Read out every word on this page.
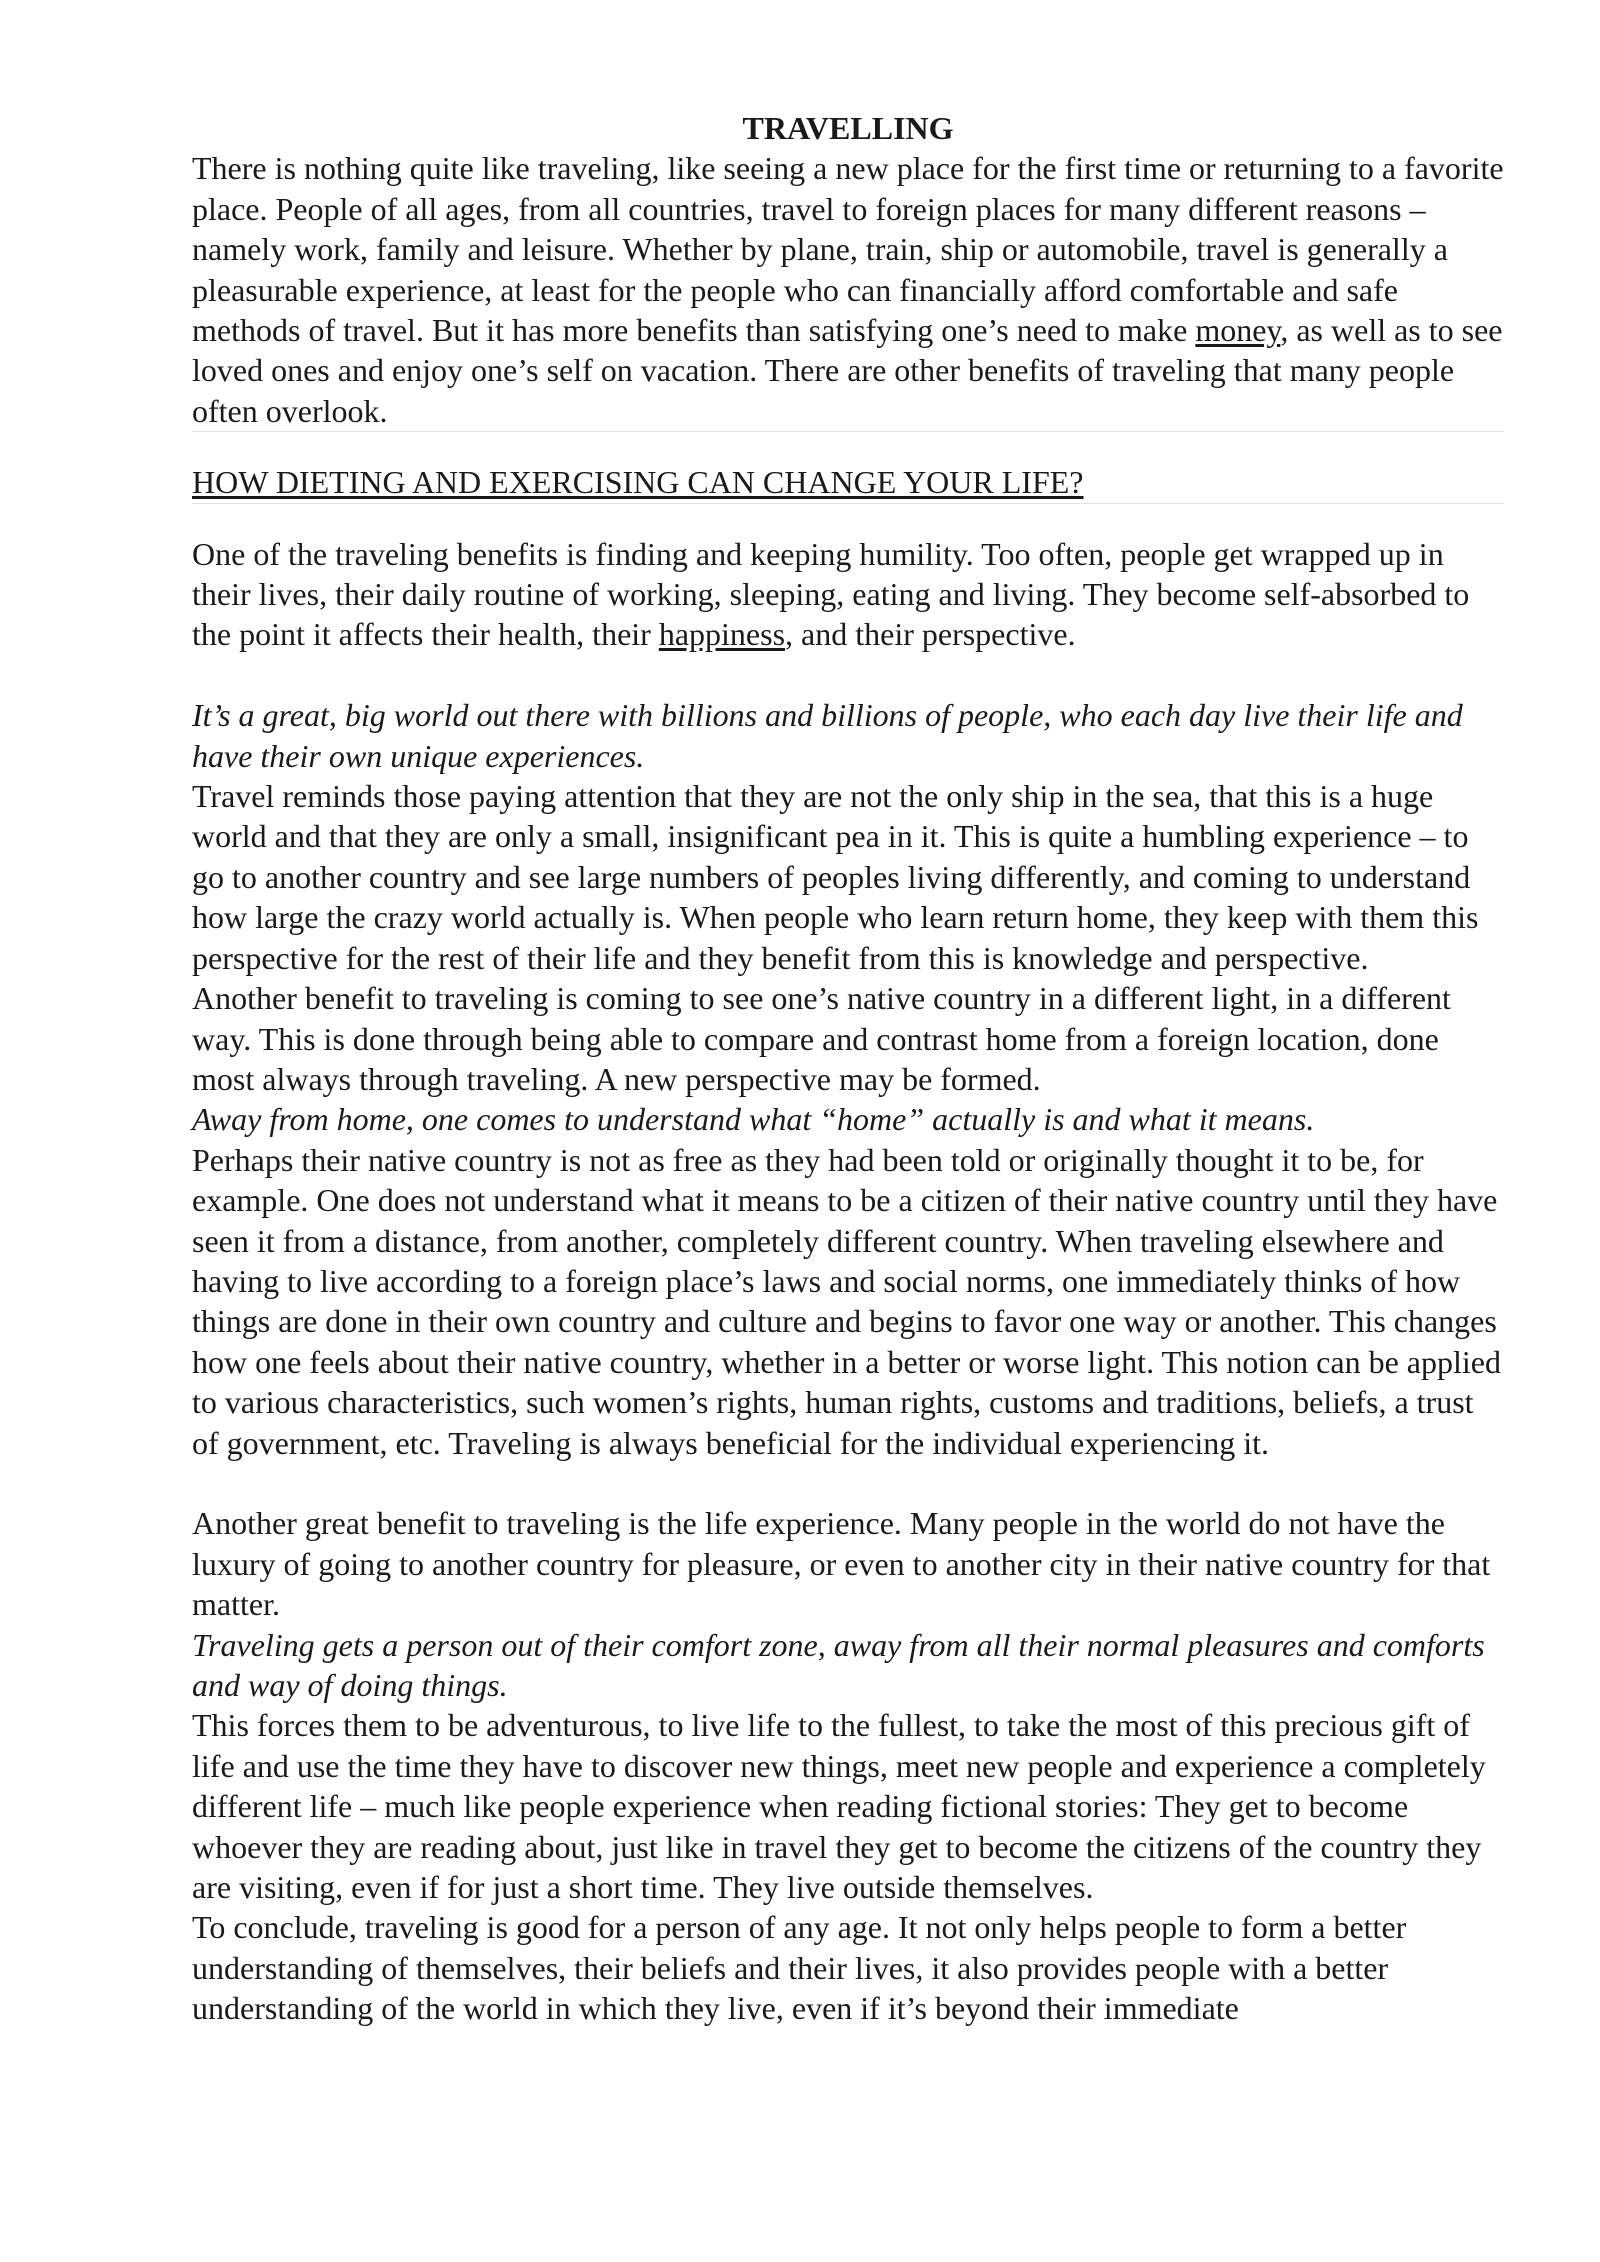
TRAVELLING

There is nothing quite like traveling, like seeing a new place for the first time or returning to a favorite place. People of all ages, from all countries, travel to foreign places for many different reasons – namely work, family and leisure. Whether by plane, train, ship or automobile, travel is generally a pleasurable experience, at least for the people who can financially afford comfortable and safe methods of travel. But it has more benefits than satisfying one’s need to make money, as well as to see loved ones and enjoy one’s self on vacation. There are other benefits of traveling that many people often overlook.

HOW DIETING AND EXERCISING CAN CHANGE YOUR LIFE?

One of the traveling benefits is finding and keeping humility. Too often, people get wrapped up in their lives, their daily routine of working, sleeping, eating and living. They become self-absorbed to the point it affects their health, their happiness, and their perspective.

It’s a great, big world out there with billions and billions of people, who each day live their life and have their own unique experiences.

Travel reminds those paying attention that they are not the only ship in the sea, that this is a huge world and that they are only a small, insignificant pea in it. This is quite a humbling experience – to go to another country and see large numbers of peoples living differently, and coming to understand how large the crazy world actually is. When people who learn return home, they keep with them this perspective for the rest of their life and they benefit from this is knowledge and perspective.

Another benefit to traveling is coming to see one’s native country in a different light, in a different way. This is done through being able to compare and contrast home from a foreign location, done most always through traveling. A new perspective may be formed.

Away from home, one comes to understand what “home” actually is and what it means.

Perhaps their native country is not as free as they had been told or originally thought it to be, for example. One does not understand what it means to be a citizen of their native country until they have seen it from a distance, from another, completely different country. When traveling elsewhere and having to live according to a foreign place’s laws and social norms, one immediately thinks of how things are done in their own country and culture and begins to favor one way or another. This changes how one feels about their native country, whether in a better or worse light. This notion can be applied to various characteristics, such women’s rights, human rights, customs and traditions, beliefs, a trust of government, etc. Traveling is always beneficial for the individual experiencing it.

Another great benefit to traveling is the life experience. Many people in the world do not have the luxury of going to another country for pleasure, or even to another city in their native country for that matter.

Traveling gets a person out of their comfort zone, away from all their normal pleasures and comforts and way of doing things.

This forces them to be adventurous, to live life to the fullest, to take the most of this precious gift of life and use the time they have to discover new things, meet new people and experience a completely different life – much like people experience when reading fictional stories: They get to become whoever they are reading about, just like in travel they get to become the citizens of the country they are visiting, even if for just a short time. They live outside themselves.

To conclude, traveling is good for a person of any age. It not only helps people to form a better understanding of themselves, their beliefs and their lives, it also provides people with a better understanding of the world in which they live, even if it’s beyond their immediate
